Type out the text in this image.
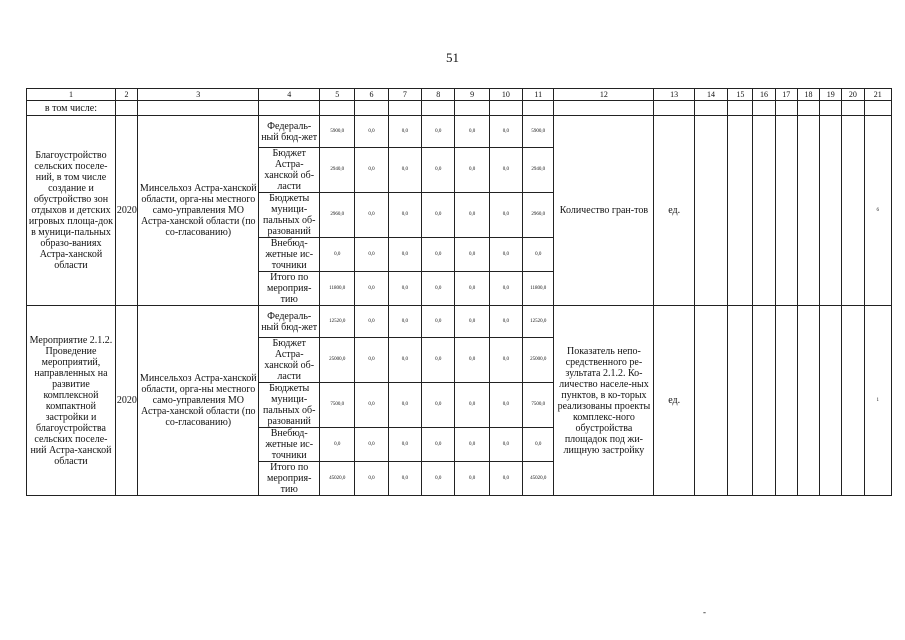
51
1	2	3	4	5	6	7	8	9	10	11	12	13	14	15	16	17	18	19	20	21
в том числе:																				
Благоустройство сельских поселе-ний, в том числе создание и обустройство зон отдыхов и детских игровых площа-док в муници-пальных образо-ваниях Астра-ханской области	2020	Минсельхоз Астра-ханской области, орга-ны местного само-управления МО Астра-ханской области (по со-гласованию)	Федераль-ный бюд-жет	5900,0	0,0	0,0	0,0	0,0	0,0	5900,0	Количество гран-тов	ед.								6
			Бюджет Астра-ханской об-ласти	2940,0	0,0	0,0	0,0	0,0	0,0	2940,0										
			Бюджеты муници-пальных об-разований	2960,0	0,0	0,0	0,0	0,0	0,0	2960,0										
			Внебюд-жетные ис-точники	0,0	0,0	0,0	0,0	0,0	0,0	0,0										
			Итого по мероприя-тию	11800,0	0,0	0,0	0,0	0,0	0,0	11800,0										
Мероприятие 2.1.2. Проведение мероприятий, направленных на развитие комплексной компактной застройки и благоустройства сельских поселе-ний Астра-ханской области	2020	Минсельхоз Астра-ханской области, орга-ны местного само-управления МО Астра-ханской области (по со-гласованию)	Федераль-ный бюд-жет	12520,0	0,0	0,0	0,0	0,0	0,0	12520,0	Показатель непо-средственного ре-зультата 2.1.2. Ко-личество населе-ных пунктов, в ко-торых реализованы проекты комплекс-ного обустройства площадок под жи-лищную застройку	ед.								1
			Бюджет Астра-ханской об-ласти	25000,0	0,0	0,0	0,0	0,0	0,0	25000,0										
			Бюджеты муници-пальных об-разований	7500,0	0,0	0,0	0,0	0,0	0,0	7500,0										
			Внебюд-жетные ис-точники	0,0	0,0	0,0	0,0	0,0	0,0	0,0										
			Итого по мероприя-тию	45020,0	0,0	0,0	0,0	0,0	0,0	45020,0										
-
